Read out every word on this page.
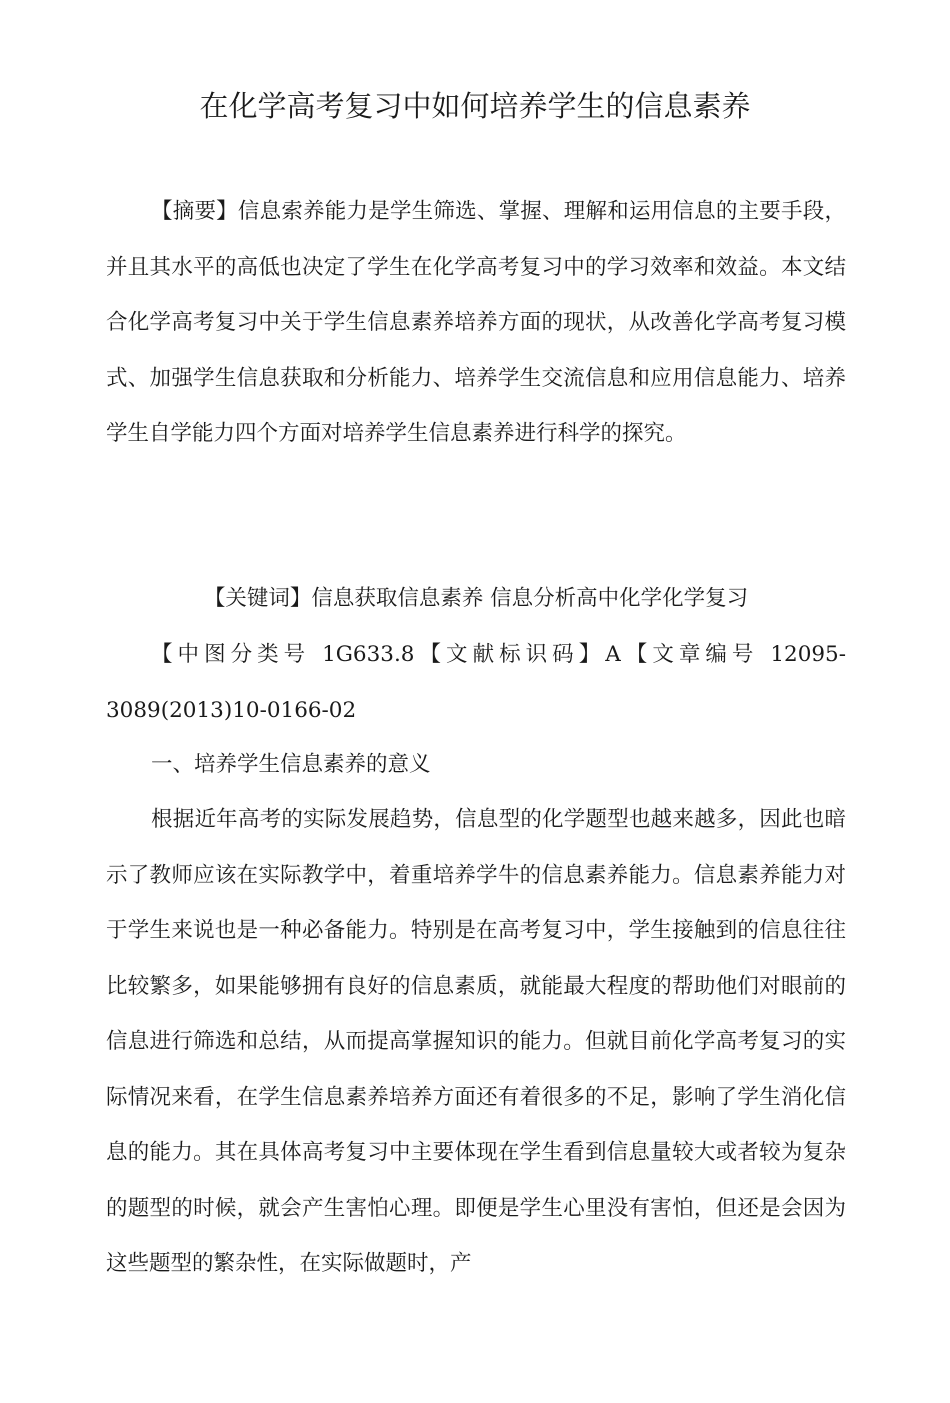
在化学高考复习中如何培养学生的信息素养

【摘要】信息索养能力是学生筛选、掌握、理解和运用信息的主要手段，并且其水平的高低也决定了学生在化学高考复习中的学习效率和效益。本文结合化学高考复习中关于学生信息素养培养方面的现状，从改善化学高考复习模式、加强学生信息获取和分析能力、培养学生交流信息和应用信息能力、培养学生自学能力四个方面对培养学生信息素养进行科学的探究。

【关键词】信息获取信息素养 信息分析高中化学化学复习

【中图分类号 1G633.8【文献标识码】A【文章编号 12095-3089(2013)10-0166-02

一、培养学生信息素养的意义

根据近年高考的实际发展趋势，信息型的化学题型也越来越多，因此也暗示了教师应该在实际教学中，着重培养学牛的信息素养能力。信息素养能力对于学生来说也是一种必备能力。特别是在高考复习中，学生接触到的信息往往比较繁多，如果能够拥有良好的信息素质，就能最大程度的帮助他们对眼前的信息进行筛选和总结，从而提高掌握知识的能力。但就目前化学高考复习的实际情况来看，在学生信息素养培养方面还有着很多的不足，影响了学生消化信息的能力。其在具体高考复习中主要体现在学生看到信息量较大或者较为复杂的题型的时候，就会产生害怕心理。即便是学生心里没有害怕，但还是会因为这些题型的繁杂性，在实际做题时，产
